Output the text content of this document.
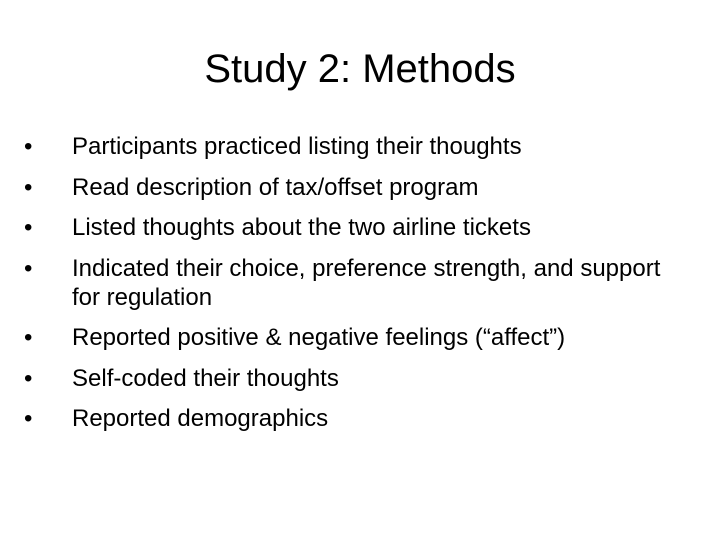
Study 2: Methods
•	Participants practiced listing their thoughts
•	Read description of tax/offset program
•	Listed thoughts about the two airline tickets
•	Indicated their choice, preference strength, and support for regulation
•	Reported positive & negative feelings (“affect”)
•	Self-coded their thoughts
•	Reported demographics
